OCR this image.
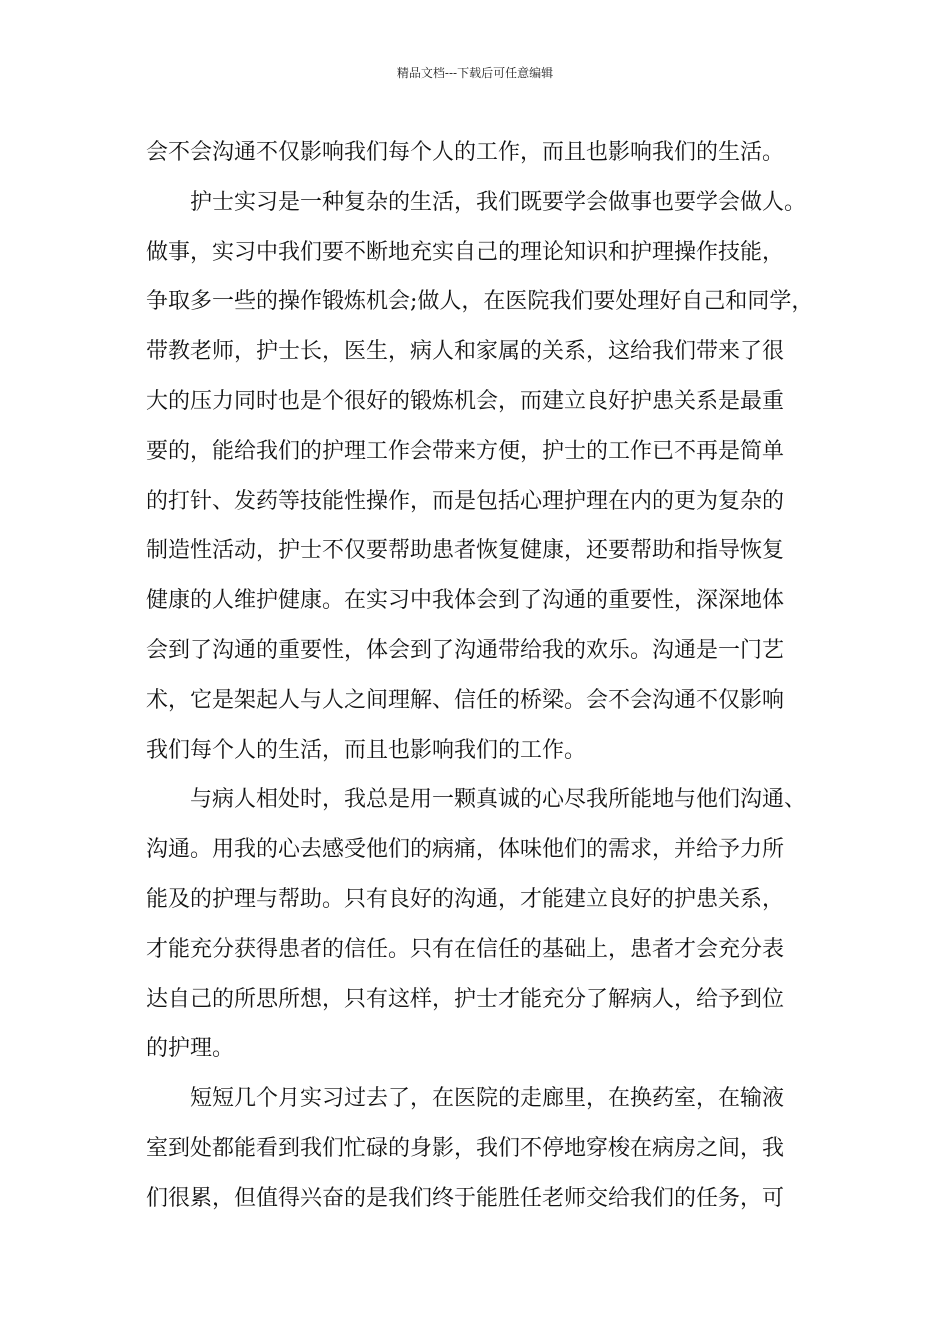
精品文档---下载后可任意编辑
会不会沟通不仅影响我们每个人的工作，而且也影响我们的生活。
护士实习是一种复杂的生活，我们既要学会做事也要学会做人。
做事，实习中我们要不断地充实自己的理论知识和护理操作技能，
争取多一些的操作锻炼机会;做人，在医院我们要处理好自己和同学，
带教老师，护士长，医生，病人和家属的关系，这给我们带来了很
大的压力同时也是个很好的锻炼机会，而建立良好护患关系是最重
要的，能给我们的护理工作会带来方便，护士的工作已不再是简单
的打针、发药等技能性操作，而是包括心理护理在内的更为复杂的
制造性活动，护士不仅要帮助患者恢复健康，还要帮助和指导恢复
健康的人维护健康。在实习中我体会到了沟通的重要性，深深地体
会到了沟通的重要性，体会到了沟通带给我的欢乐。沟通是一门艺
术，它是架起人与人之间理解、信任的桥梁。会不会沟通不仅影响
我们每个人的生活，而且也影响我们的工作。
与病人相处时，我总是用一颗真诚的心尽我所能地与他们沟通、
沟通。用我的心去感受他们的病痛，体味他们的需求，并给予力所
能及的护理与帮助。只有良好的沟通，才能建立良好的护患关系，
才能充分获得患者的信任。只有在信任的基础上，患者才会充分表
达自己的所思所想，只有这样，护士才能充分了解病人，给予到位
的护理。
短短几个月实习过去了，在医院的走廊里，在换药室，在输液
室到处都能看到我们忙碌的身影，我们不停地穿梭在病房之间，我
们很累，但值得兴奋的是我们终于能胜任老师交给我们的任务，可
